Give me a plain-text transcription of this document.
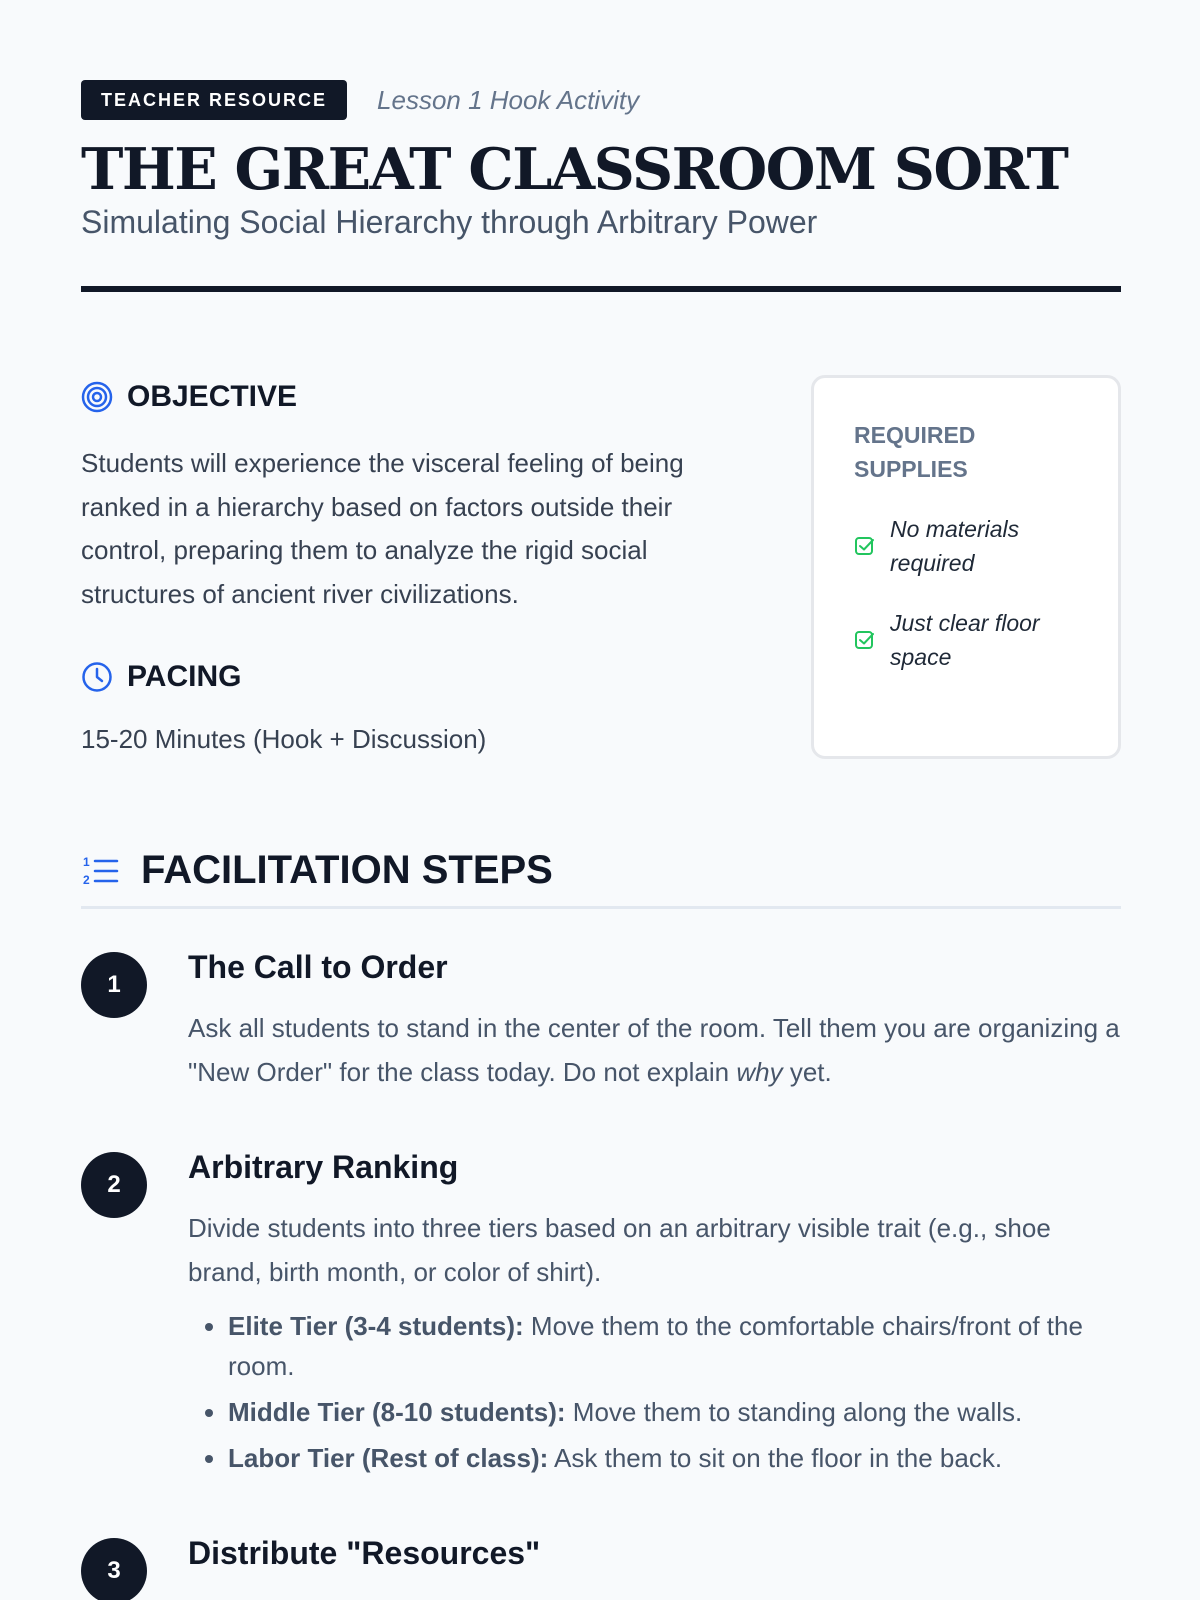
TEACHER RESOURCE	Lesson 1 Hook Activity
THE GREAT CLASSROOM SORT
Simulating Social Hierarchy through Arbitrary Power
OBJECTIVE

Students will experience the visceral feeling of being ranked in a hierarchy based on factors outside their control, preparing them to analyze the rigid social structures of ancient river civilizations.

PACING

15-20 Minutes (Hook + Discussion)

REQUIRED SUPPLIES
No materials required
Just clear floor space
1
2 FACILITATION STEPS
1	The Call to Order

Ask all students to stand in the center of the room. Tell them you are organizing a "New Order" for the class today. Do not explain why yet.

2	Arbitrary Ranking

Divide students into three tiers based on an arbitrary visible trait (e.g., shoe brand, birth month, or color of shirt).

• Elite Tier (3-4 students): Move them to the comfortable chairs/front of the room.
• Middle Tier (8-10 students): Move them to standing along the walls.
• Labor Tier (Rest of class): Ask them to sit on the floor in the back.
3	Distribute "Resources"
